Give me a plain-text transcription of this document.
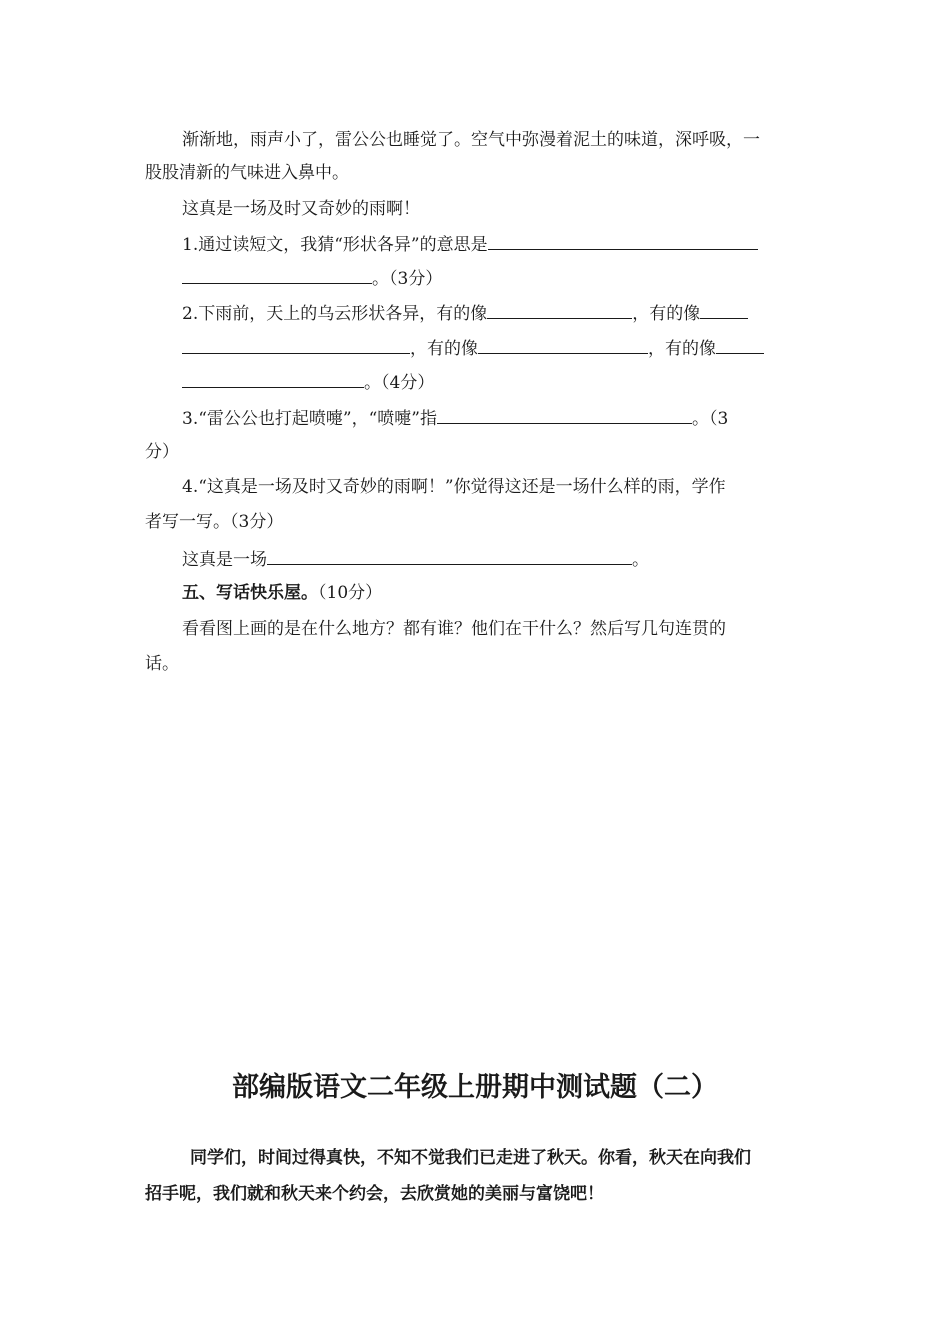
渐渐地，雨声小了，雷公公也睡觉了。空气中弥漫着泥土的味道，深呼吸，一
股股清新的气味进入鼻中。
这真是一场及时又奇妙的雨啊！
1.通过读短文，我猜“形状各异”的意思是
。（3分）
2.下雨前，天上的乌云形状各异，有的像	，有的像
，有的像	，有的像
。（4分）
3.“雷公公也打起喷嚏”，“喷嚏”指	。（3
分）
4.“这真是一场及时又奇妙的雨啊！”你觉得这还是一场什么样的雨，学作
者写一写。（3分）
这真是一场	。
五、写话快乐屋。（10分）
看看图上画的是在什么地方？都有谁？他们在干什么？然后写几句连贯的
话。
部编版语文二年级上册期中测试题（二）
同学们，时间过得真快，不知不觉我们已走进了秋天。你看，秋天在向我们
招手呢，我们就和秋天来个约会，去欣赏她的美丽与富饶吧！
